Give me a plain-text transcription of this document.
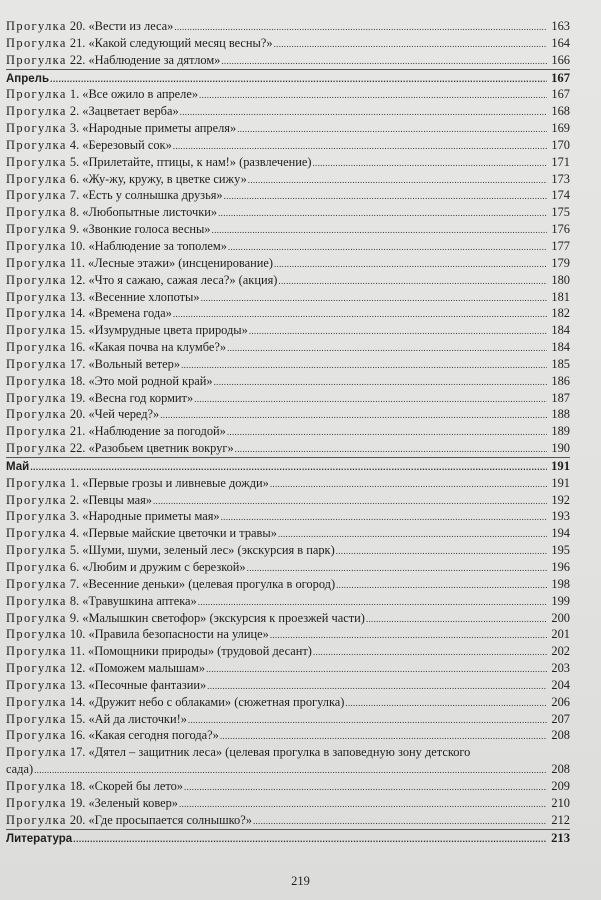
Прогулка 20. «Вести из леса» .....	163
Прогулка 21. «Какой следующий месяц весны?» .....	164
Прогулка 22. «Наблюдение за дятлом» .....	166
Апрель .....	167
Прогулка 1. «Все ожило в апреле» .....	167
Прогулка 2. «Зацветает верба» .....	168
Прогулка 3. «Народные приметы апреля» .....	169
Прогулка 4. «Березовый сок» .....	170
Прогулка 5. «Прилетайте, птицы, к нам!» (развлечение) .....	171
Прогулка 6. «Жу-жу, кружу, в цветке сижу» .....	173
Прогулка 7. «Есть у солнышка друзья» .....	174
Прогулка 8. «Любопытные листочки» .....	175
Прогулка 9. «Звонкие голоса весны» .....	176
Прогулка 10. «Наблюдение за тополем» .....	177
Прогулка 11. «Лесные этажи» (инсценирование) .....	179
Прогулка 12. «Что я сажаю, сажая леса?» (акция) .....	180
Прогулка 13. «Весенние хлопоты» .....	181
Прогулка 14. «Времена года» .....	182
Прогулка 15. «Изумрудные цвета природы» .....	184
Прогулка 16. «Какая почва на клумбе?» .....	184
Прогулка 17. «Вольный ветер» .....	185
Прогулка 18. «Это мой родной край» .....	186
Прогулка 19. «Весна год кормит» .....	187
Прогулка 20. «Чей черед?» .....	188
Прогулка 21. «Наблюдение за погодой» .....	189
Прогулка 22. «Разобьем цветник вокруг» .....	190
Май .....	191
Прогулка 1. «Первые грозы и ливневые дожди» .....	191
Прогулка 2. «Певцы мая» .....	192
Прогулка 3. «Народные приметы мая» .....	193
Прогулка 4. «Первые майские цветочки и травы» .....	194
Прогулка 5. «Шуми, шуми, зеленый лес» (экскурсия в парк) .....	195
Прогулка 6. «Любим и дружим с березкой» .....	196
Прогулка 7. «Весенние деньки» (целевая прогулка в огород) .....	198
Прогулка 8. «Травушкина аптека» .....	199
Прогулка 9. «Малышкин светофор» (экскурсия к проезжей части) .....	200
Прогулка 10. «Правила безопасности на улице» .....	201
Прогулка 11. «Помощники природы» (трудовой десант) .....	202
Прогулка 12. «Поможем малышам» .....	203
Прогулка 13. «Песочные фантазии» .....	204
Прогулка 14. «Дружит небо с облаками» (сюжетная прогулка) .....	206
Прогулка 15. «Ай да листочки!» .....	207
Прогулка 16. «Какая сегодня погода?» .....	208
Прогулка 17. «Дятел – защитник леса» (целевая прогулка в заповедную зону детского
сада) .....	208
Прогулка 18. «Скорей бы лето» .....	209
Прогулка 19. «Зеленый ковер» .....	210
Прогулка 20. «Где просыпается солнышко?» .....	212
Литература .....	213
219
